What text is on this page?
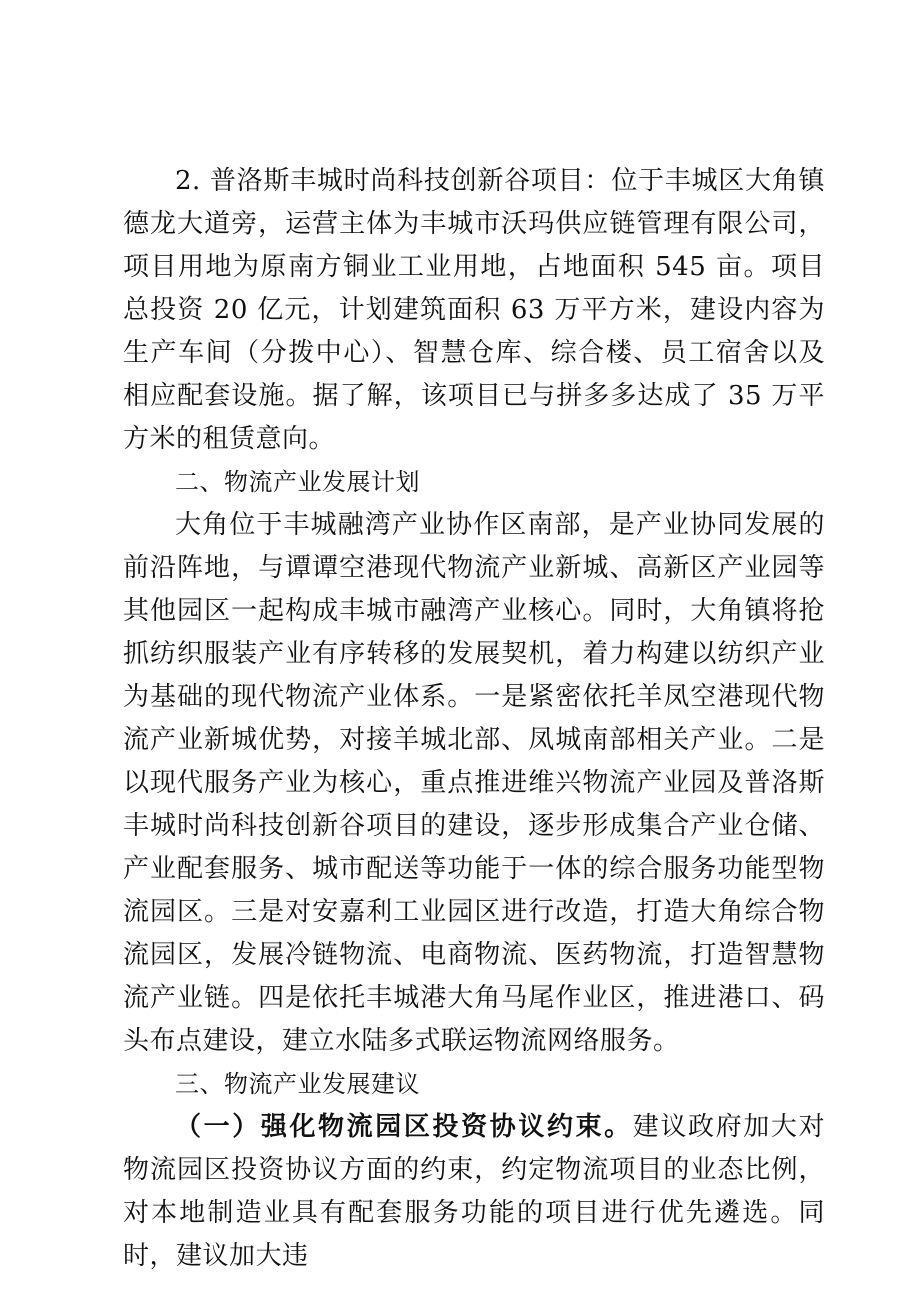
2. 普洛斯丰城时尚科技创新谷项目：位于丰城区大角镇德龙大道旁，运营主体为丰城市沃玛供应链管理有限公司，项目用地为原南方铜业工业用地，占地面积 545 亩。项目总投资 20 亿元，计划建筑面积 63 万平方米，建设内容为生产车间（分拨中心）、智慧仓库、综合楼、员工宿舍以及相应配套设施。据了解，该项目已与拼多多达成了 35 万平方米的租赁意向。

二、物流产业发展计划

大角位于丰城融湾产业协作区南部，是产业协同发展的前沿阵地，与谭谭空港现代物流产业新城、高新区产业园等其他园区一起构成丰城市融湾产业核心。同时，大角镇将抢抓纺织服装产业有序转移的发展契机，着力构建以纺织产业为基础的现代物流产业体系。一是紧密依托羊凤空港现代物流产业新城优势，对接羊城北部、凤城南部相关产业。二是以现代服务产业为核心，重点推进维兴物流产业园及普洛斯丰城时尚科技创新谷项目的建设，逐步形成集合产业仓储、产业配套服务、城市配送等功能于一体的综合服务功能型物流园区。三是对安嘉利工业园区进行改造，打造大角综合物流园区，发展冷链物流、电商物流、医药物流，打造智慧物流产业链。四是依托丰城港大角马尾作业区，推进港口、码头布点建设，建立水陆多式联运物流网络服务。

三、物流产业发展建议

（一）强化物流园区投资协议约束。建议政府加大对物流园区投资协议方面的约束，约定物流项目的业态比例，对本地制造业具有配套服务功能的项目进行优先遴选。同时，建议加大违
